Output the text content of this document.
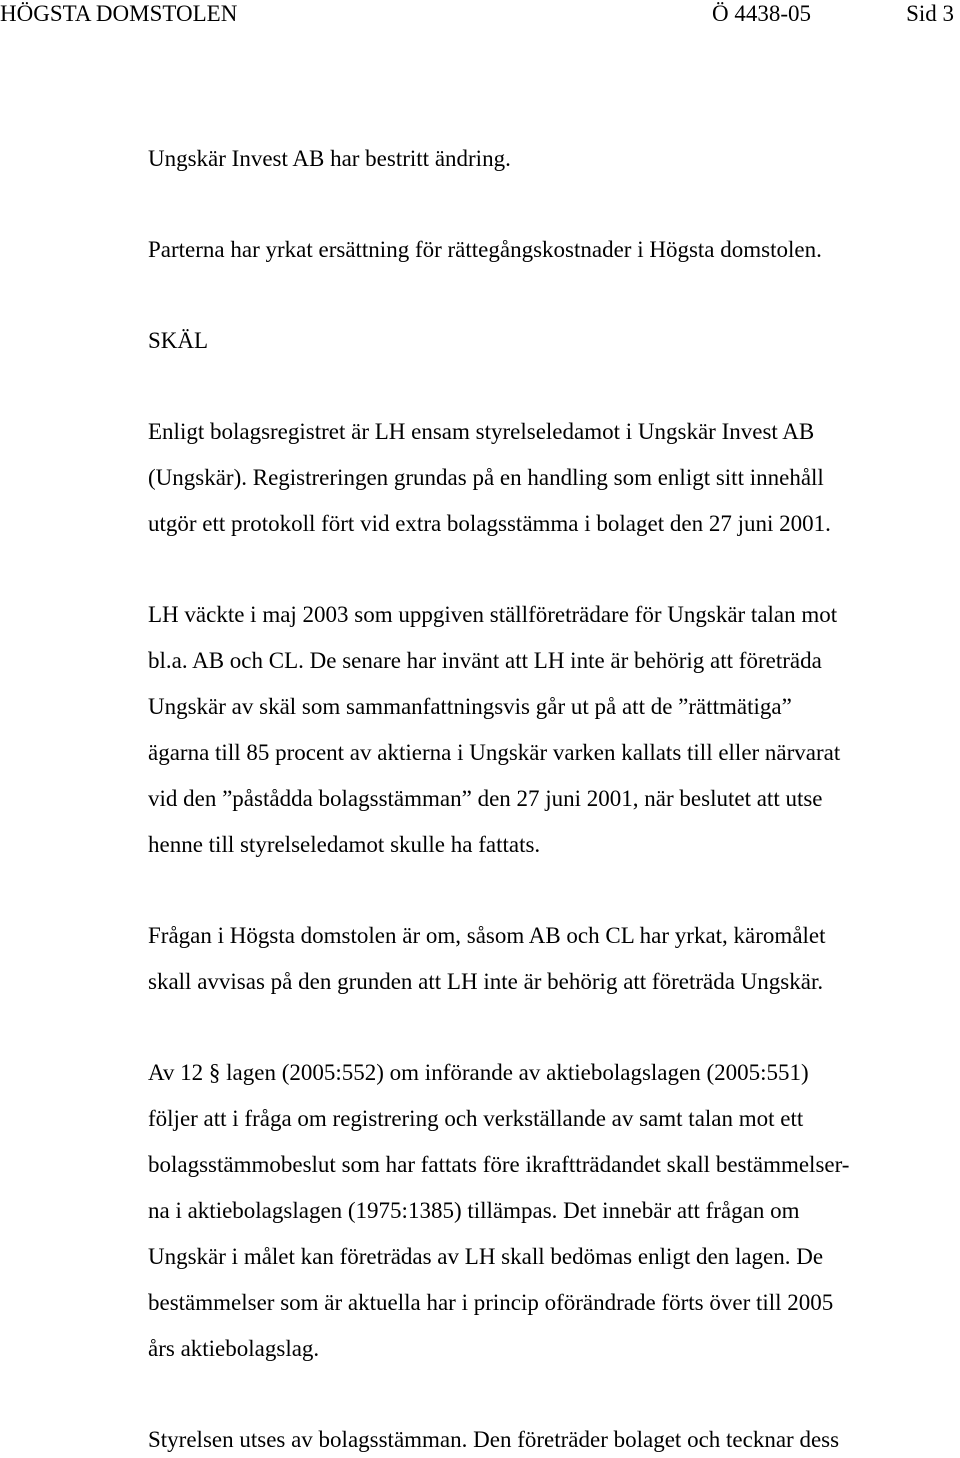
HÖGSTA DOMSTOLEN	Ö 4438-05	Sid 3
Ungskär Invest AB har bestritt ändring.
Parterna har yrkat ersättning för rättegångskostnader i Högsta domstolen.
SKÄL
Enligt bolagsregistret är LH ensam styrelseledamot i Ungskär Invest AB
(Ungskär). Registreringen grundas på en handling som enligt sitt innehåll
utgör ett protokoll fört vid extra bolagsstämma i bolaget den 27 juni 2001.
LH väckte i maj 2003 som uppgiven ställföreträdare för Ungskär talan mot
bl.a. AB och CL. De senare har invänt att LH inte är behörig att företräda
Ungskär av skäl som sammanfattningsvis går ut på att de ”rättmätiga”
ägarna till 85 procent av aktierna i Ungskär varken kallats till eller närvarat
vid den ”påstådda bolagsstämman” den 27 juni 2001, när beslutet att utse
henne till styrelseledamot skulle ha fattats.
Frågan i Högsta domstolen är om, såsom AB och CL har yrkat, käromålet
skall avvisas på den grunden att LH inte är behörig att företräda Ungskär.
Av 12 § lagen (2005:552) om införande av aktiebolagslagen (2005:551)
följer att i fråga om registrering och verkställande av samt talan mot ett
bolagsstämmobeslut som har fattats före ikraftträdandet skall bestämmelser-
na i aktiebolagslagen (1975:1385) tillämpas. Det innebär att frågan om
Ungskär i målet kan företrädas av LH skall bedömas enligt den lagen. De
bestämmelser som är aktuella har i princip oförändrade förts över till 2005
års aktiebolagslag.
Styrelsen utses av bolagsstämman. Den företräder bolaget och tecknar dess
